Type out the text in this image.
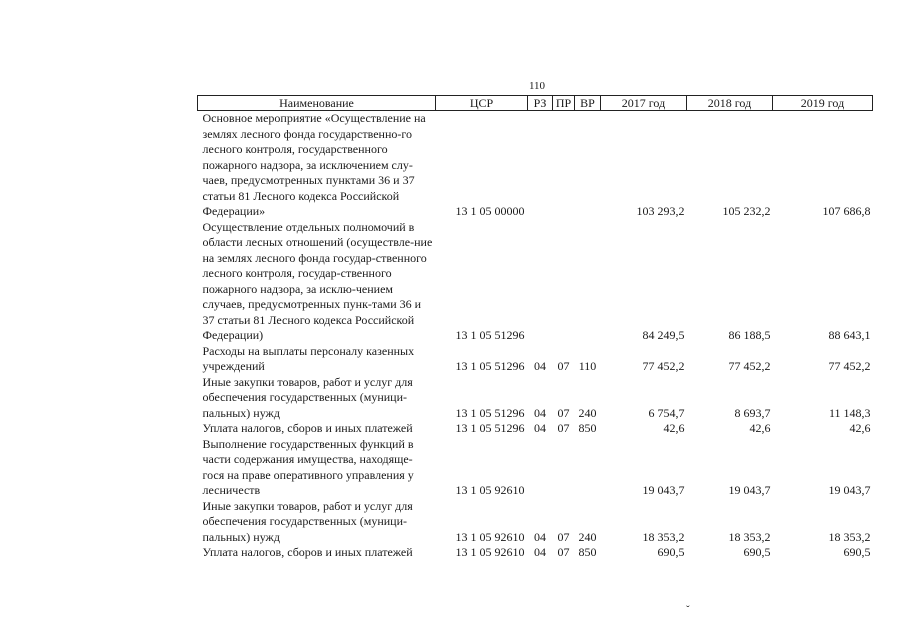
110
Наименование	ЦСР	РЗ	ПР	ВР	2017 год	2018 год	2019 год
Основное мероприятие «Осуществление на землях лесного фонда государственно-го лесного контроля, государственного пожарного надзора, за исключением слу-чаев, предусмотренных пунктами 36 и 37 статьи 81 Лесного кодекса Российской Федерации»	13 1 05 00000				103 293,2	105 232,2	107 686,8
Осуществление отдельных полномочий в области лесных отношений (осуществле-ние на землях лесного фонда государ-ственного лесного контроля, государ-ственного пожарного надзора, за исклю-чением случаев, предусмотренных пунк-тами 36 и 37 статьи 81 Лесного кодекса Российской Федерации)	13 1 05 51296				84 249,5	86 188,5	88 643,1
Расходы на выплаты персоналу казенных учреждений	13 1 05 51296	04	07	110	77 452,2	77 452,2	77 452,2
Иные закупки товаров, работ и услуг для обеспечения государственных (муници-пальных) нужд	13 1 05 51296	04	07	240	6 754,7	8 693,7	11 148,3
Уплата налогов, сборов и иных платежей	13 1 05 51296	04	07	850	42,6	42,6	42,6
Выполнение государственных функций в части содержания имущества, находяще-гося на праве оперативного управления у лесничеств	13 1 05 92610				19 043,7	19 043,7	19 043,7
Иные закупки товаров, работ и услуг для обеспечения государственных (муници-пальных) нужд	13 1 05 92610	04	07	240	18 353,2	18 353,2	18 353,2
Уплата налогов, сборов и иных платежей	13 1 05 92610	04	07	850	690,5	690,5	690,5
ˇ
